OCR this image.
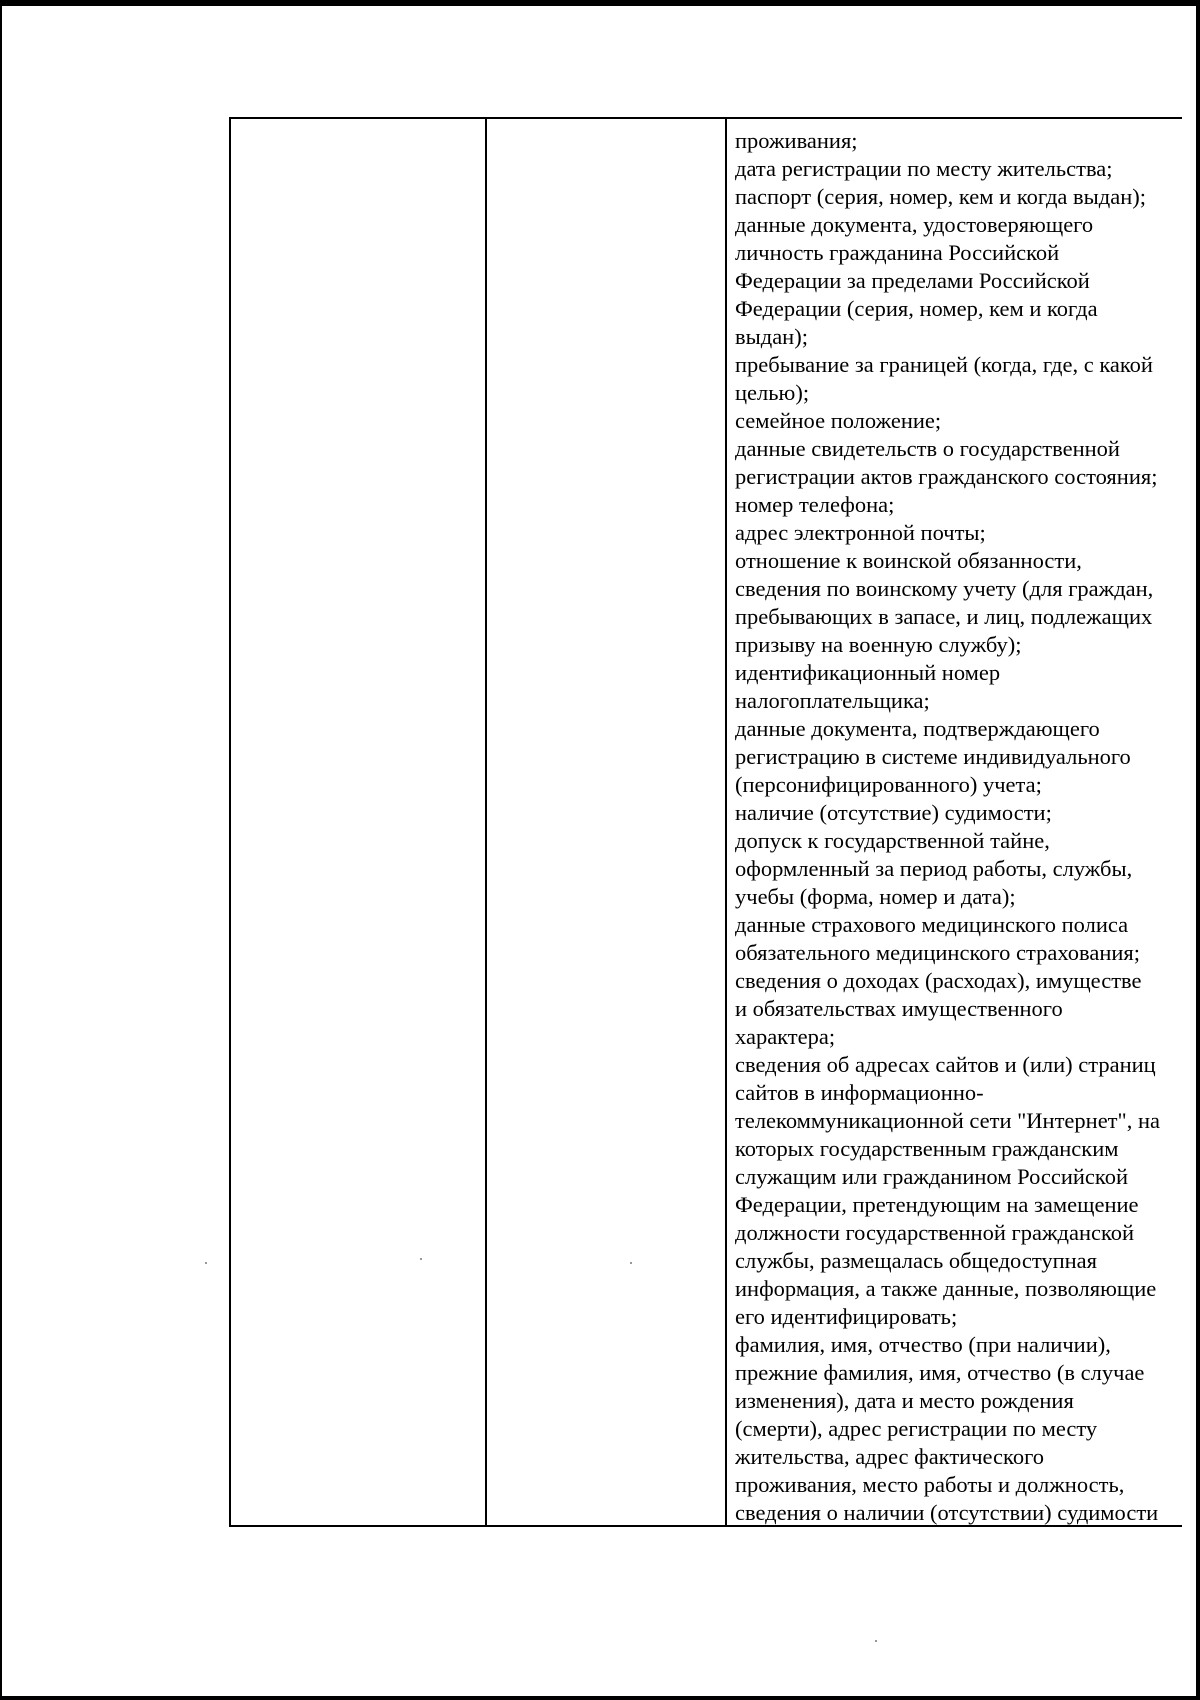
проживания;
дата регистрации по месту жительства;
паспорт (серия, номер, кем и когда выдан);
данные документа, удостоверяющего
личность гражданина Российской
Федерации за пределами Российской
Федерации (серия, номер, кем и когда
выдан);
пребывание за границей (когда, где, с какой
целью);
семейное положение;
данные свидетельств о государственной
регистрации актов гражданского состояния;
номер телефона;
адрес электронной почты;
отношение к воинской обязанности,
сведения по воинскому учету (для граждан,
пребывающих в запасе, и лиц, подлежащих
призыву на военную службу);
идентификационный номер
налогоплательщика;
данные документа, подтверждающего
регистрацию в системе индивидуального
(персонифицированного) учета;
наличие (отсутствие) судимости;
допуск к государственной тайне,
оформленный за период работы, службы,
учебы (форма, номер и дата);
данные страхового медицинского полиса
обязательного медицинского страхования;
сведения о доходах (расходах), имуществе
и обязательствах имущественного
характера;
сведения об адресах сайтов и (или) страниц
сайтов в информационно-
телекоммуникационной сети "Интернет", на
которых государственным гражданским
служащим или гражданином Российской
Федерации, претендующим на замещение
должности государственной гражданской
службы, размещалась общедоступная
информация, а также данные, позволяющие
его идентифицировать;
фамилия, имя, отчество (при наличии),
прежние фамилия, имя, отчество (в случае
изменения), дата и место рождения
(смерти), адрес регистрации по месту
жительства, адрес фактического
проживания, место работы и должность,
сведения о наличии (отсутствии) судимости
